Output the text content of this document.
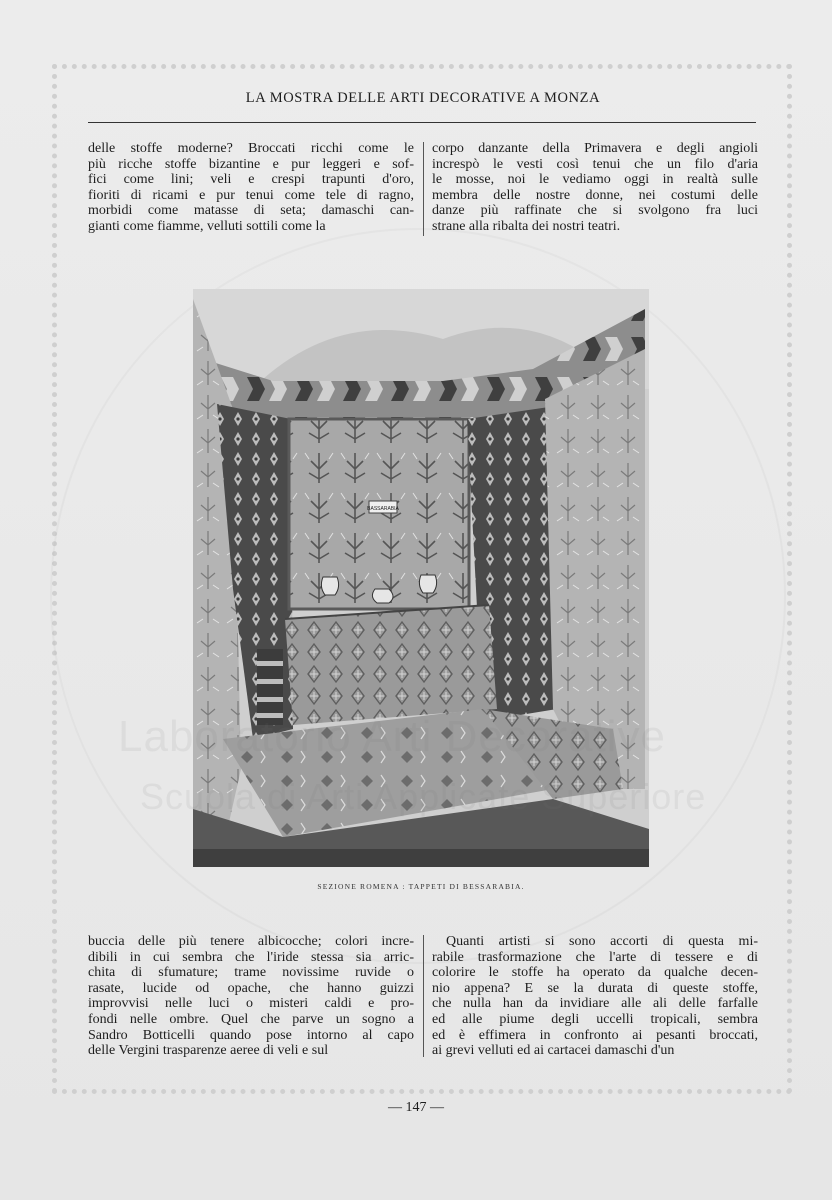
LA MOSTRA DELLE ARTI DECORATIVE A MONZA

delle stoffe moderne? Broccati ricchi come le

più ricche stoffe bizantine e pur leggeri e sof-

fici come lini; veli e crespi trapunti d'oro,

fioriti di ricami e pur tenui come tele di ragno,

morbidi come matasse di seta; damaschi can-

gianti come fiamme, velluti sottili come la

corpo danzante della Primavera e degli angioli

increspò le vesti così tenui che un filo d'aria

le mosse, noi le vediamo oggi in realtà sulle

membra delle nostre donne, nei costumi delle

danze più raffinate che si svolgono fra luci

strane alla ribalta dei nostri teatri.

BASSARABIA
SEZIONE ROMENA : TAPPETI DI BESSARABIA.

buccia delle più tenere albicocche; colori incre-

dibili in cui sembra che l'iride stessa sia arric-

chita di sfumature; trame novissime ruvide o

rasate, lucide od opache, che hanno guizzi

improvvisi nelle luci o misteri caldi e pro-

fondi nelle ombre. Quel che parve un sogno a

Sandro Botticelli quando pose intorno al capo

delle Vergini trasparenze aeree di veli e sul

Quanti artisti si sono accorti di questa mi-

rabile trasformazione che l'arte di tessere e di

colorire le stoffe ha operato da qualche decen-

nio appena? E se la durata di queste stoffe,

che nulla han da invidiare alle ali delle farfalle

ed alle piume degli uccelli tropicali, sembra

ed è effimera in confronto ai pesanti broccati,

ai grevi velluti ed ai cartacei damaschi d'un

Laboratorio Arti Decorative
Scuola di Arti Applicate Superiore
— 147 —
